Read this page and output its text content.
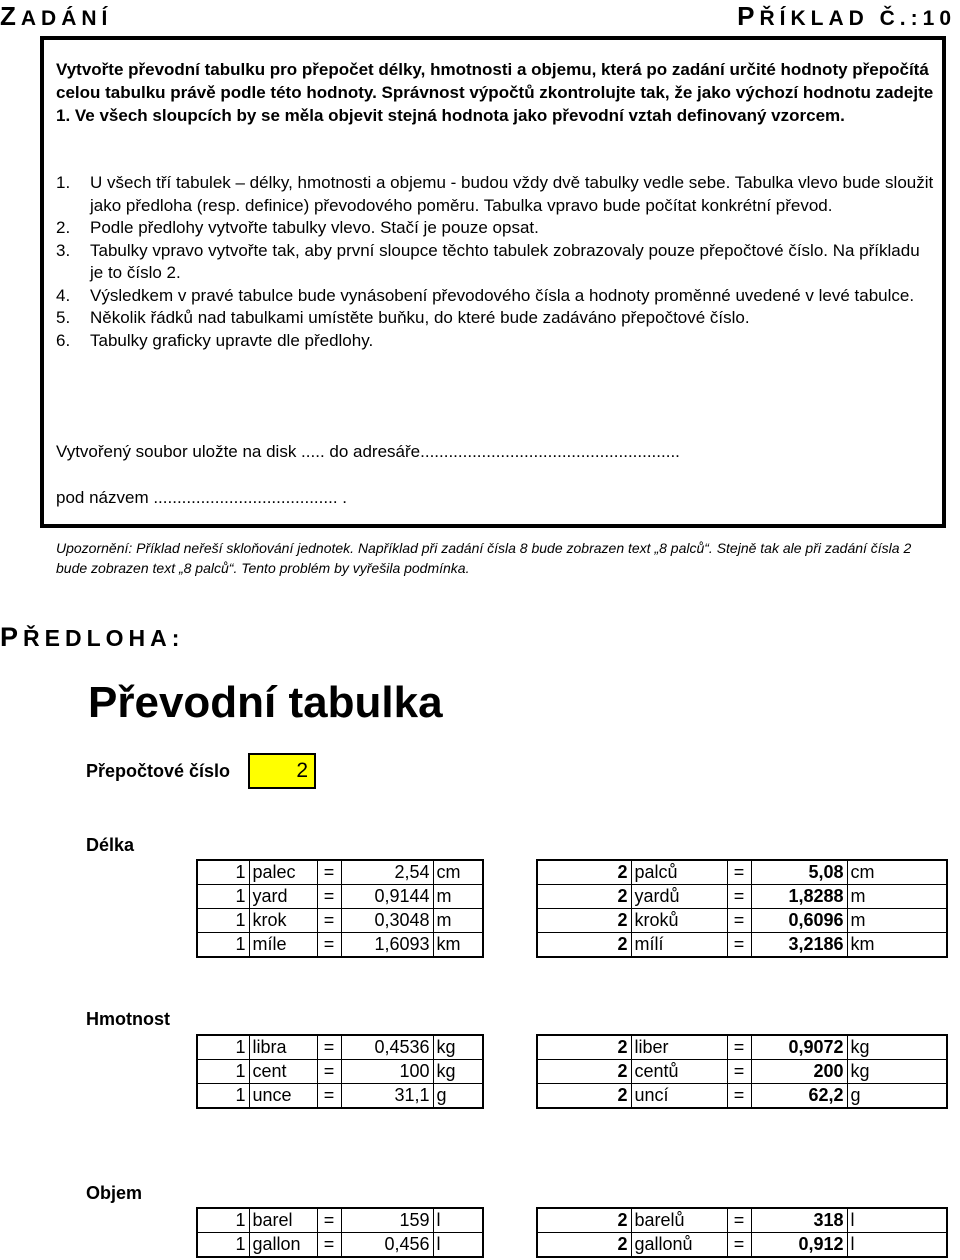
ZADÁNÍ	PŘÍKLAD Č.:10
Vytvořte převodní tabulku pro přepočet délky, hmotnosti a objemu, která po zadání určité hodnoty přepočítá celou tabulku právě podle této hodnoty. Správnost výpočtů zkontrolujte tak, že jako výchozí hodnotu zadejte 1. Ve všech sloupcích by se měla objevit stejná hodnota jako převodní vztah definovaný vzorcem.
1.	U všech tří tabulek – délky, hmotnosti a objemu - budou vždy dvě tabulky vedle sebe. Tabulka vlevo bude sloužit jako předloha (resp. definice) převodového poměru. Tabulka vpravo bude počítat konkrétní převod.
2.	Podle předlohy vytvořte tabulky vlevo. Stačí je pouze opsat.
3.	Tabulky vpravo vytvořte tak, aby první sloupce těchto tabulek zobrazovaly pouze přepočtové číslo. Na příkladu je to číslo 2.
4.	Výsledkem v pravé tabulce bude vynásobení převodového čísla a hodnoty proměnné uvedené v levé tabulce.
5.	Několik řádků nad tabulkami umístěte buňku, do které bude zadáváno přepočtové číslo.
6.	Tabulky graficky upravte dle předlohy.
Vytvořený soubor uložte na disk ..... do adresáře.......................................................
pod názvem ....................................... .
Upozornění: Příklad neřeší skloňování jednotek. Například při zadání čísla 8 bude zobrazen text „8 palců“. Stejně tak ale při zadání čísla 2 bude zobrazen text „8 palců“. Tento problém by vyřešila podmínka.
PŘEDLOHA:
Převodní tabulka
Přepočtové číslo	2
Délka
1	palec	=	2,54	cm
1	yard	=	0,9144	m
1	krok	=	0,3048	m
1	míle	=	1,6093	km
2	palců	=	5,08	cm
2	yardů	=	1,8288	m
2	kroků	=	0,6096	m
2	mílí	=	3,2186	km
Hmotnost
1	libra	=	0,4536	kg
1	cent	=	100	kg
1	unce	=	31,1	g
2	liber	=	0,9072	kg
2	centů	=	200	kg
2	uncí	=	62,2	g
Objem
1	barel	=	159	l
1	gallon	=	0,456	l
2	barelů	=	318	l
2	gallonů	=	0,912	l
